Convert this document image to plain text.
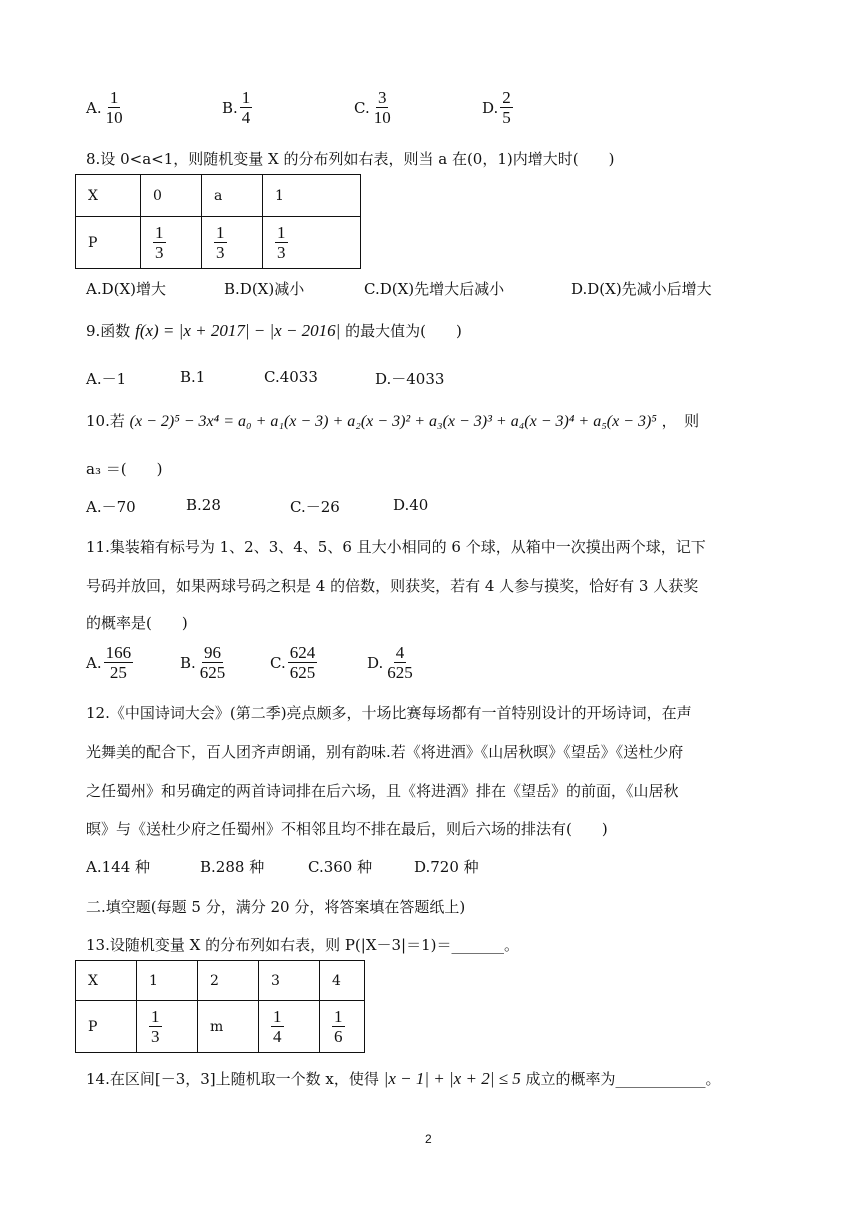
A. $\frac{1}{10}$	B. $\frac{1}{4}$	C. $\frac{3}{10}$	D. $\frac{2}{5}$
8.设 0<a<1，则随机变量 X 的分布列如右表，则当 a 在(0，1)内增大时(　　)
X	0	a	1
P	$\frac{1}{3}$	$\frac{1}{3}$	$\frac{1}{3}$
A.D(X)增大	B.D(X)减小	C.D(X)先增大后减小	D.D(X)先减小后增大
9.函数 f(x) = |x + 2017| − |x − 2016| 的最大值为(　　)
A.－1	B.1	C.4033	D.－4033
10.若 (x − 2)⁵ − 3x⁴ = a₀ + a₁(x − 3) + a₂(x − 3)² + a₃(x − 3)³ + a₄(x − 3)⁴ + a₅(x − 3)⁵ ，　则
a₃ ＝(　　)
A.－70	B.28	C.－26	D.40
11.集装箱有标号为 1、2、3、4、5、6 且大小相同的 6 个球，从箱中一次摸出两个球，记下
号码并放回，如果两球号码之积是 4 的倍数，则获奖，若有 4 人参与摸奖，恰好有 3 人获奖
的概率是(　　)
A. $\frac{166}{25}$	B. $\frac{96}{625}$	C. $\frac{624}{625}$	D. $\frac{4}{625}$
12.《中国诗词大会》(第二季)亮点颇多，十场比赛每场都有一首特别设计的开场诗词，在声
光舞美的配合下，百人团齐声朗诵，别有韵味.若《将进酒》《山居秋暝》《望岳》《送杜少府
之任蜀州》和另确定的两首诗词排在后六场，且《将进酒》排在《望岳》的前面，《山居秋
暝》与《送杜少府之任蜀州》不相邻且均不排在最后，则后六场的排法有(　　)
A.144 种	B.288 种	C.360 种	D.720 种
二.填空题(每题 5 分，满分 20 分，将答案填在答题纸上)
13.设随机变量 X 的分布列如右表，则 P(|X－3|＝1)＝_______。
X	1	2	3	4
P	$\frac{1}{3}$	m	$\frac{1}{4}$	$\frac{1}{6}$
14.在区间[－3，3]上随机取一个数 x，使得 |x − 1| + |x + 2| ≤ 5 成立的概率为____________。
2
